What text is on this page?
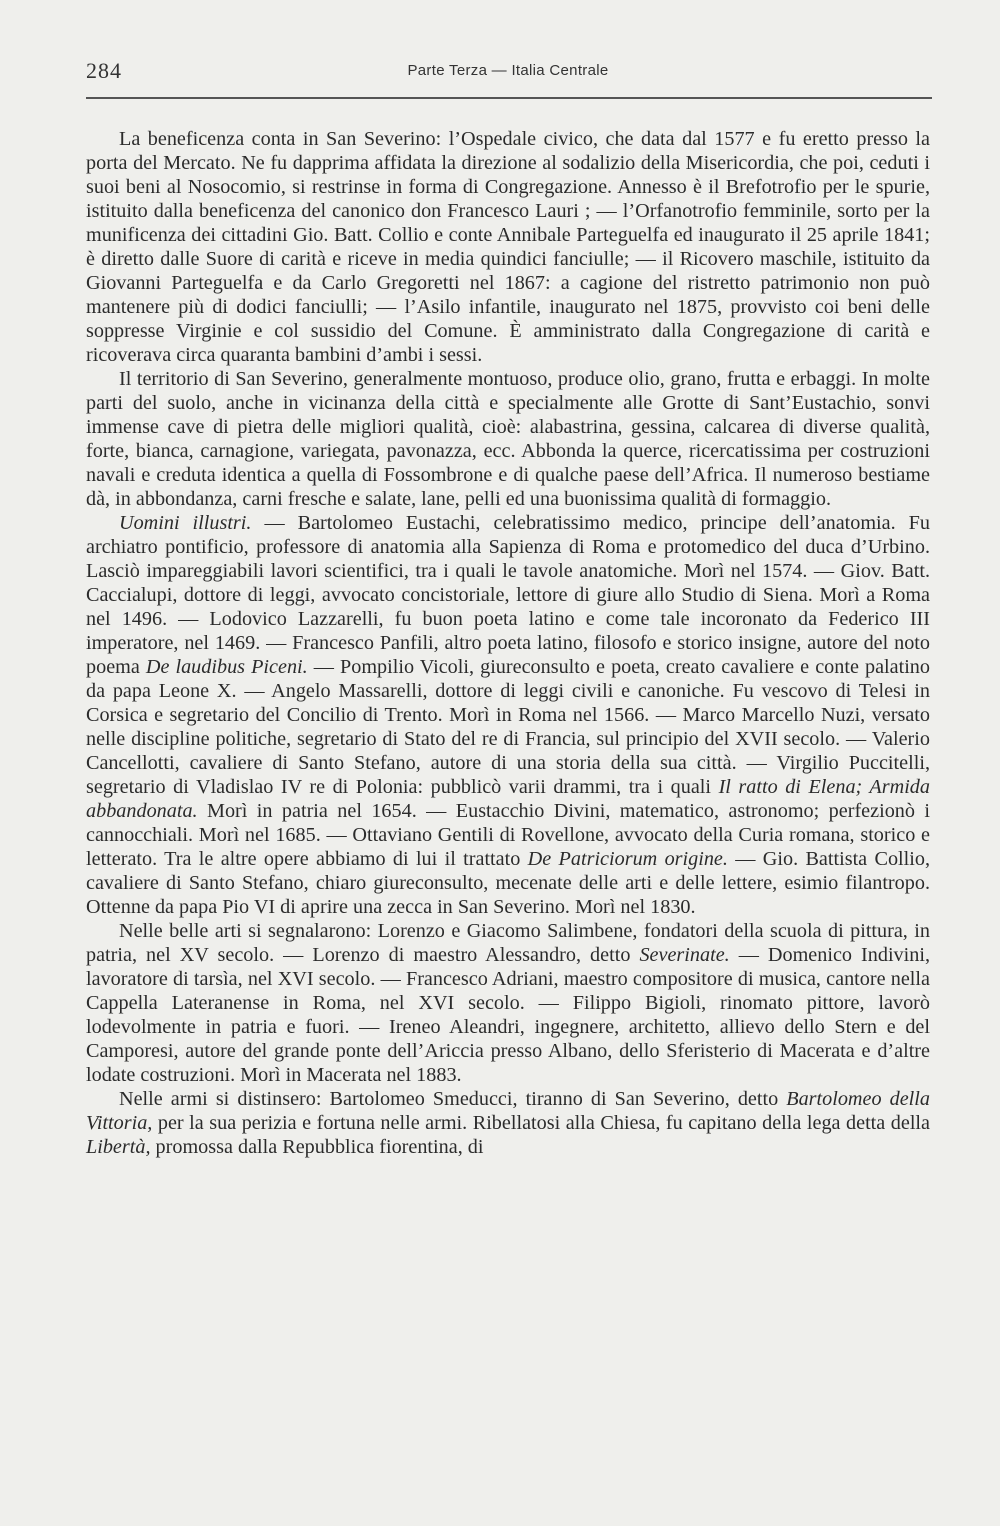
284	Parte Terza — Italia Centrale

La beneficenza conta in San Severino: l’Ospedale civico, che data dal 1577 e fu eretto presso la porta del Mercato. Ne fu dapprima affidata la direzione al sodalizio della Misericordia, che poi, ceduti i suoi beni al Nosocomio, si restrinse in forma di Congregazione. Annesso è il Brefotrofio per le spurie, istituito dalla beneficenza del canonico don Francesco Lauri ; — l’Orfanotrofio femminile, sorto per la munificenza dei cittadini Gio. Batt. Collio e conte Annibale Parteguelfa ed inaugurato il 25 aprile 1841; è diretto dalle Suore di carità e riceve in media quindici fanciulle; — il Ricovero maschile, istituito da Giovanni Parteguelfa e da Carlo Gregoretti nel 1867: a cagione del ristretto patrimonio non può mantenere più di dodici fanciulli; — l’Asilo infantile, inaugurato nel 1875, provvisto coi beni delle soppresse Virginie e col sussidio del Comune. È amministrato dalla Congregazione di carità e ricoverava circa quaranta bambini d’ambi i sessi.

Il territorio di San Severino, generalmente montuoso, produce olio, grano, frutta e erbaggi. In molte parti del suolo, anche in vicinanza della città e specialmente alle Grotte di Sant’Eustachio, sonvi immense cave di pietra delle migliori qualità, cioè: alabastrina, gessina, calcarea di diverse qualità, forte, bianca, carnagione, variegata, pavonazza, ecc. Abbonda la querce, ricercatissima per costruzioni navali e creduta identica a quella di Fossombrone e di qualche paese dell’Africa. Il numeroso bestiame dà, in abbondanza, carni fresche e salate, lane, pelli ed una buonissima qualità di formaggio.

Uomini illustri. — Bartolomeo Eustachi, celebratissimo medico, principe dell’anatomia. Fu archiatro pontificio, professore di anatomia alla Sapienza di Roma e protomedico del duca d’Urbino. Lasciò impareggiabili lavori scientifici, tra i quali le tavole anatomiche. Morì nel 1574. — Giov. Batt. Caccialupi, dottore di leggi, avvocato concistoriale, lettore di giure allo Studio di Siena. Morì a Roma nel 1496. — Lodovico Lazzarelli, fu buon poeta latino e come tale incoronato da Federico III imperatore, nel 1469. — Francesco Panfili, altro poeta latino, filosofo e storico insigne, autore del noto poema De laudibus Piceni. — Pompilio Vicoli, giureconsulto e poeta, creato cavaliere e conte palatino da papa Leone X. — Angelo Massarelli, dottore di leggi civili e canoniche. Fu vescovo di Telesi in Corsica e segretario del Concilio di Trento. Morì in Roma nel 1566. — Marco Marcello Nuzi, versato nelle discipline politiche, segretario di Stato del re di Francia, sul principio del XVII secolo. — Valerio Cancellotti, cavaliere di Santo Stefano, autore di una storia della sua città. — Virgilio Puccitelli, segretario di Vladislao IV re di Polonia: pubblicò varii drammi, tra i quali Il ratto di Elena; Armida abbandonata. Morì in patria nel 1654. — Eustacchio Divini, matematico, astronomo; perfezionò i cannocchiali. Morì nel 1685. — Ottaviano Gentili di Rovellone, avvocato della Curia romana, storico e letterato. Tra le altre opere abbiamo di lui il trattato De Patriciorum origine. — Gio. Battista Collio, cavaliere di Santo Stefano, chiaro giureconsulto, mecenate delle arti e delle lettere, esimio filantropo. Ottenne da papa Pio VI di aprire una zecca in San Severino. Morì nel 1830.

Nelle belle arti si segnalarono: Lorenzo e Giacomo Salimbene, fondatori della scuola di pittura, in patria, nel XV secolo. — Lorenzo di maestro Alessandro, detto Severinate. — Domenico Indivini, lavoratore di tarsìa, nel XVI secolo. — Francesco Adriani, maestro compositore di musica, cantore nella Cappella Lateranense in Roma, nel XVI secolo. — Filippo Bigioli, rinomato pittore, lavorò lodevolmente in patria e fuori. — Ireneo Aleandri, ingegnere, architetto, allievo dello Stern e del Camporesi, autore del grande ponte dell’Ariccia presso Albano, dello Sferisterio di Macerata e d’altre lodate costruzioni. Morì in Macerata nel 1883.

Nelle armi si distinsero: Bartolomeo Smeducci, tiranno di San Severino, detto Bartolomeo della Vittoria, per la sua perizia e fortuna nelle armi. Ribellatosi alla Chiesa, fu capitano della lega detta della Libertà, promossa dalla Repubblica fiorentina, di
